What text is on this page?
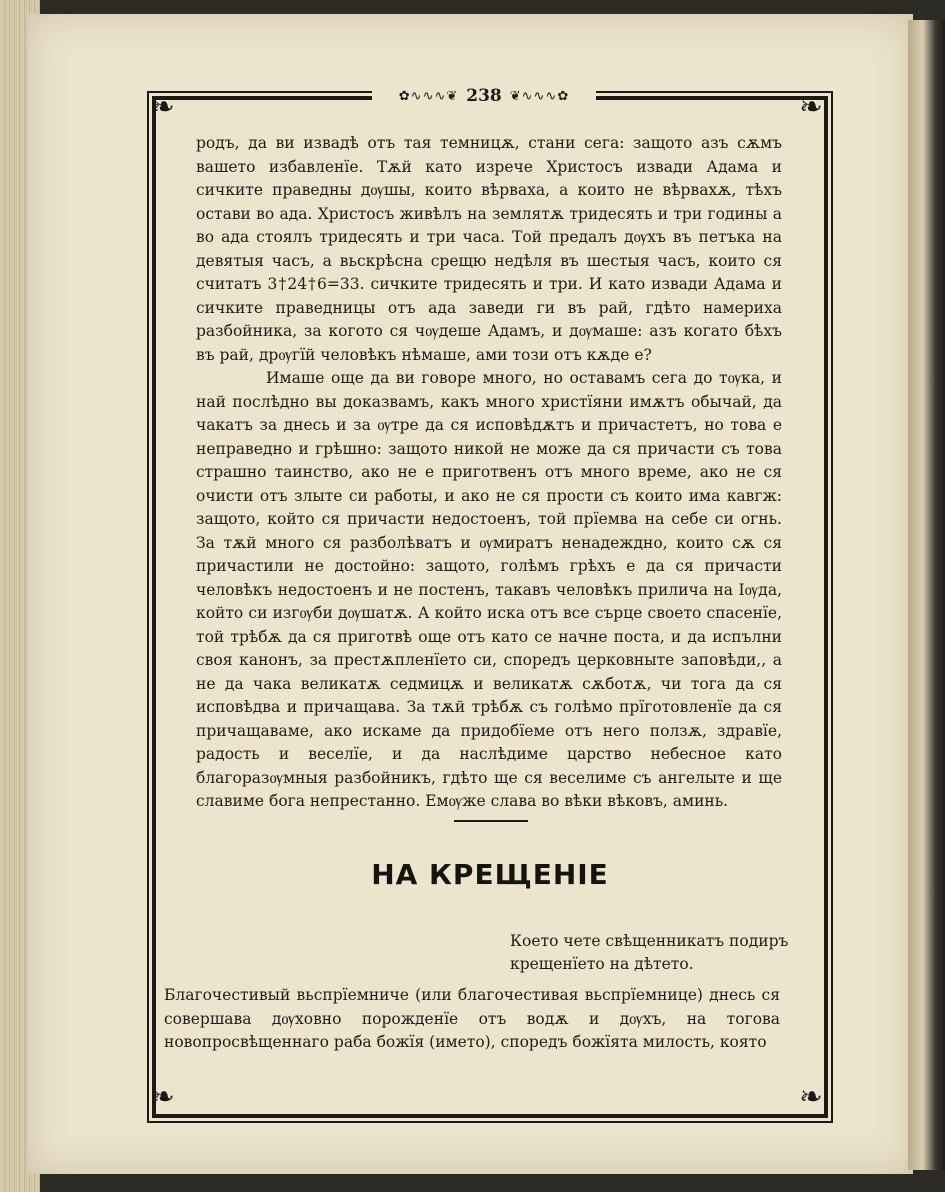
❧	❧
❧	❧
✿∿∿∿❦ 238 ❦∿∿∿✿

родъ, да ви извадѣ отъ тая темницѫ, стани сега: защото азъ сѫмъ вашето избавленїе. Тѫй като изрече Христосъ извади Адама и сичките праведны дѹшы, които вѣрваха, а които не вѣрвахѫ, тѣхъ остави во ада. Христосъ живѣлъ на землятѫ тридесять и три годины а во ада стоялъ тридесять и три часа. Той предалъ дѹхъ въ петъка на девятыя часъ, а вьскрѣсна срещю недѣля въ шестыя часъ, които ся считатъ 3†24†6=33. сичките тридесять и три. И като извади Адама и сичките праведницы отъ ада заведи ги въ рай, гдѣто намериха разбойника, за когото ся чѹдеше Адамъ, и дѹмаше: азъ когато бѣхъ въ рай, дрѹгїй человѣкъ нѣмаше, ами този отъ кѫде е?

Имаше още да ви говоре много, но оставамъ сега до тѹка, и най послѣдно вы доказвамъ, какъ много христїяни имѫтъ обычай, да чакатъ за днесь и за ѹтре да ся исповѣдѫтъ и причастетъ, но това е неправедно и грѣшно: защото никой не може да ся причасти съ това страшно таинство, ако не е приготвенъ отъ много време, ако не ся очисти отъ злыте си работы, и ако не ся прости съ които има кавгж: защото, който ся причасти недостоенъ, той прїемва на себе си огнь. За тѫй много ся разболѣватъ и ѹмиратъ ненадеждно, които сѫ ся причастили не достойно: защото, голѣмъ грѣхъ е да ся причасти человѣкъ недостоенъ и не постенъ, такавъ человѣкъ прилича на Iѹда, който си изгѹби дѹшатѫ. А който иска отъ все сърце своето спасенїе, той трѣбѫ да ся приготвѣ още отъ като се начне поста, и да испълни своя канонъ, за престѫпленїето си, споредъ церковныте заповѣди,, а не да чака великатѫ седмицѫ и великатѫ сѫботѫ, чи тога да ся исповѣдва и причащава. За тѫй трѣбѫ съ голѣмо прїготовленїе да ся причащаваме, ако искаме да придобїеме отъ него ползѫ, здравїе, радость и веселїе, и да наслѣдиме царство небесное като благоразѹмныя разбойникъ, гдѣто ще ся веселиме съ ангелыте и ще славиме бога непрестанно. Емѹже слава во вѣки вѣковъ, аминь.

НА КРЕЩЕНIЕ
Което чете свѣщенникатъ подиръ крещенїето на дѣтето.
Благочестивый вьспрїемниче (или благочестивая вьспрїемнице) днесь ся совершава дѹховно порожденїе отъ водѫ и дѹхъ, на тогова новопросвѣщеннаго раба божїя (името), споредъ божїята милость, която
